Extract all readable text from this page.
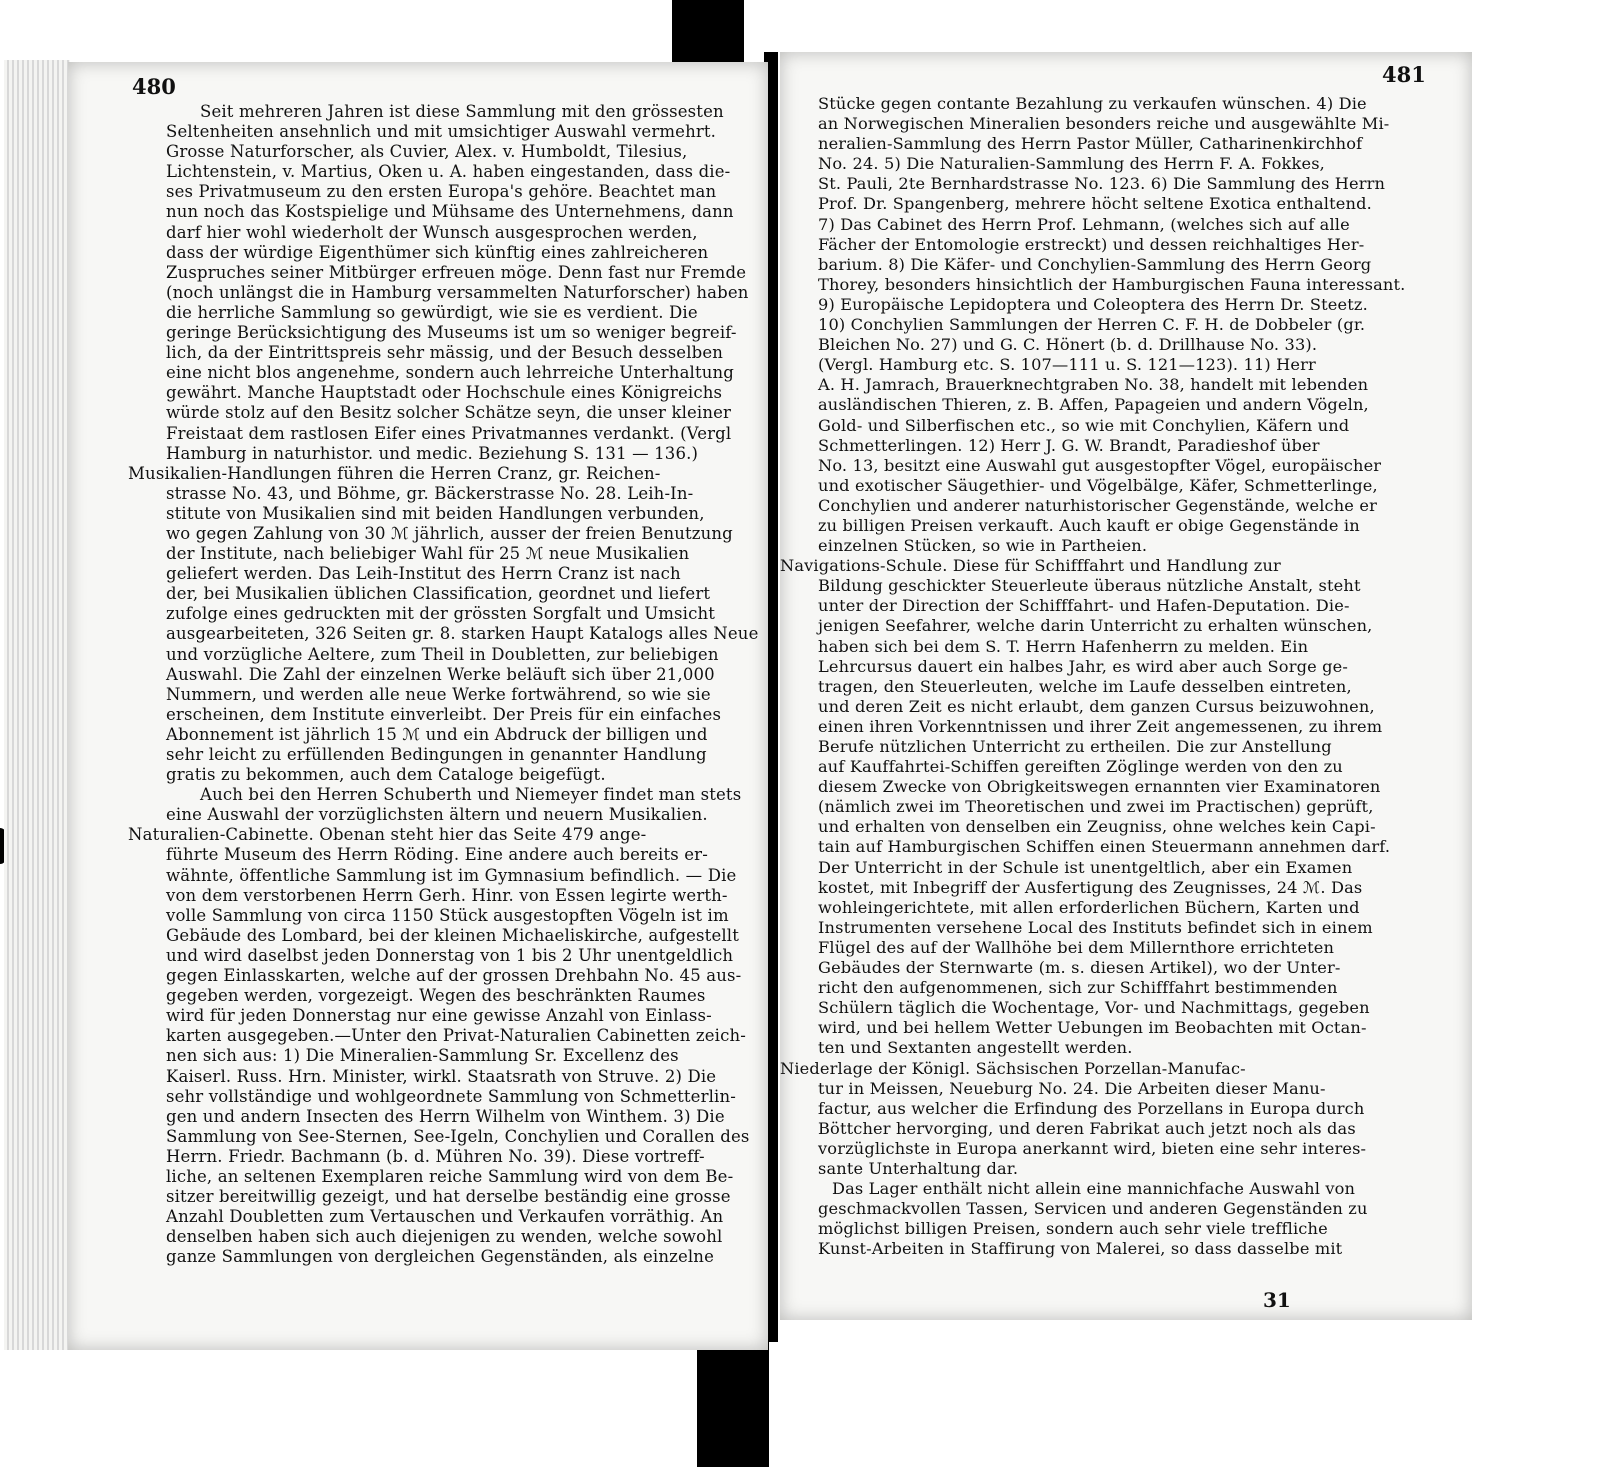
480
Seit mehreren Jahren ist diese Sammlung mit den grössesten
Seltenheiten ansehnlich und mit umsichtiger Auswahl vermehrt.
Grosse Naturforscher, als Cuvier, Alex. v. Humboldt, Tilesius,
Lichtenstein, v. Martius, Oken u. A. haben eingestanden, dass die-
ses Privatmuseum zu den ersten Europa's gehöre. Beachtet man
nun noch das Kostspielige und Mühsame des Unternehmens, dann
darf hier wohl wiederholt der Wunsch ausgesprochen werden,
dass der würdige Eigenthümer sich künftig eines zahlreicheren
Zuspruches seiner Mitbürger erfreuen möge. Denn fast nur Fremde
(noch unlängst die in Hamburg versammelten Naturforscher) haben
die herrliche Sammlung so gewürdigt, wie sie es verdient. Die
geringe Berücksichtigung des Museums ist um so weniger begreif-
lich, da der Eintrittspreis sehr mässig, und der Besuch desselben
eine nicht blos angenehme, sondern auch lehrreiche Unterhaltung
gewährt. Manche Hauptstadt oder Hochschule eines Königreichs
würde stolz auf den Besitz solcher Schätze seyn, die unser kleiner
Freistaat dem rastlosen Eifer eines Privatmannes verdankt. (Vergl
Hamburg in naturhistor. und medic. Beziehung S. 131 — 136.)
Musikalien-Handlungen führen die Herren Cranz, gr. Reichen-
strasse No. 43, und Böhme, gr. Bäckerstrasse No. 28. Leih-In-
stitute von Musikalien sind mit beiden Handlungen verbunden,
wo gegen Zahlung von 30 ℳ jährlich, ausser der freien Benutzung
der Institute, nach beliebiger Wahl für 25 ℳ neue Musikalien
geliefert werden. Das Leih-Institut des Herrn Cranz ist nach
der, bei Musikalien üblichen Classification, geordnet und liefert
zufolge eines gedruckten mit der grössten Sorgfalt und Umsicht
ausgearbeiteten, 326 Seiten gr. 8. starken Haupt Katalogs alles Neue
und vorzügliche Aeltere, zum Theil in Doubletten, zur beliebigen
Auswahl. Die Zahl der einzelnen Werke beläuft sich über 21,000
Nummern, und werden alle neue Werke fortwährend, so wie sie
erscheinen, dem Institute einverleibt. Der Preis für ein einfaches
Abonnement ist jährlich 15 ℳ und ein Abdruck der billigen und
sehr leicht zu erfüllenden Bedingungen in genannter Handlung
gratis zu bekommen, auch dem Cataloge beigefügt.
Auch bei den Herren Schuberth und Niemeyer findet man stets
eine Auswahl der vorzüglichsten ältern und neuern Musikalien.
Naturalien-Cabinette. Obenan steht hier das Seite 479 ange-
führte Museum des Herrn Röding. Eine andere auch bereits er-
wähnte, öffentliche Sammlung ist im Gymnasium befindlich. — Die
von dem verstorbenen Herrn Gerh. Hinr. von Essen legirte werth-
volle Sammlung von circa 1150 Stück ausgestopften Vögeln ist im
Gebäude des Lombard, bei der kleinen Michaeliskirche, aufgestellt
und wird daselbst jeden Donnerstag von 1 bis 2 Uhr unentgeldlich
gegen Einlasskarten, welche auf der grossen Drehbahn No. 45 aus-
gegeben werden, vorgezeigt. Wegen des beschränkten Raumes
wird für jeden Donnerstag nur eine gewisse Anzahl von Einlass-
karten ausgegeben.—Unter den Privat-Naturalien Cabinetten zeich-
nen sich aus: 1) Die Mineralien-Sammlung Sr. Excellenz des
Kaiserl. Russ. Hrn. Minister, wirkl. Staatsrath von Struve. 2) Die
sehr vollständige und wohlgeordnete Sammlung von Schmetterlin-
gen und andern Insecten des Herrn Wilhelm von Winthem. 3) Die
Sammlung von See-Sternen, See-Igeln, Conchylien und Corallen des
Herrn. Friedr. Bachmann (b. d. Mühren No. 39). Diese vortreff-
liche, an seltenen Exemplaren reiche Sammlung wird von dem Be-
sitzer bereitwillig gezeigt, und hat derselbe beständig eine grosse
Anzahl Doubletten zum Vertauschen und Verkaufen vorräthig. An
denselben haben sich auch diejenigen zu wenden, welche sowohl
ganze Sammlungen von dergleichen Gegenständen, als einzelne
481
Stücke gegen contante Bezahlung zu verkaufen wünschen. 4) Die
an Norwegischen Mineralien besonders reiche und ausgewählte Mi-
neralien-Sammlung des Herrn Pastor Müller, Catharinenkirchhof
No. 24. 5) Die Naturalien-Sammlung des Herrn F. A. Fokkes,
St. Pauli, 2te Bernhardstrasse No. 123. 6) Die Sammlung des Herrn
Prof. Dr. Spangenberg, mehrere höcht seltene Exotica enthaltend.
7) Das Cabinet des Herrn Prof. Lehmann, (welches sich auf alle
Fächer der Entomologie erstreckt) und dessen reichhaltiges Her-
barium. 8) Die Käfer- und Conchylien-Sammlung des Herrn Georg
Thorey, besonders hinsichtlich der Hamburgischen Fauna interessant.
9) Europäische Lepidoptera und Coleoptera des Herrn Dr. Steetz.
10) Conchylien Sammlungen der Herren C. F. H. de Dobbeler (gr.
Bleichen No. 27) und G. C. Hönert (b. d. Drillhause No. 33).
(Vergl. Hamburg etc. S. 107—111 u. S. 121—123). 11) Herr
A. H. Jamrach, Brauerknechtgraben No. 38, handelt mit lebenden
ausländischen Thieren, z. B. Affen, Papageien und andern Vögeln,
Gold- und Silberfischen etc., so wie mit Conchylien, Käfern und
Schmetterlingen. 12) Herr J. G. W. Brandt, Paradieshof über
No. 13, besitzt eine Auswahl gut ausgestopfter Vögel, europäischer
und exotischer Säugethier- und Vögelbälge, Käfer, Schmetterlinge,
Conchylien und anderer naturhistorischer Gegenstände, welche er
zu billigen Preisen verkauft. Auch kauft er obige Gegenstände in
einzelnen Stücken, so wie in Partheien.
Navigations-Schule. Diese für Schifffahrt und Handlung zur
Bildung geschickter Steuerleute überaus nützliche Anstalt, steht
unter der Direction der Schifffahrt- und Hafen-Deputation. Die-
jenigen Seefahrer, welche darin Unterricht zu erhalten wünschen,
haben sich bei dem S. T. Herrn Hafenherrn zu melden. Ein
Lehrcursus dauert ein halbes Jahr, es wird aber auch Sorge ge-
tragen, den Steuerleuten, welche im Laufe desselben eintreten,
und deren Zeit es nicht erlaubt, dem ganzen Cursus beizuwohnen,
einen ihren Vorkenntnissen und ihrer Zeit angemessenen, zu ihrem
Berufe nützlichen Unterricht zu ertheilen. Die zur Anstellung
auf Kauffahrtei-Schiffen gereiften Zöglinge werden von den zu
diesem Zwecke von Obrigkeitswegen ernannten vier Examinatoren
(nämlich zwei im Theoretischen und zwei im Practischen) geprüft,
und erhalten von denselben ein Zeugniss, ohne welches kein Capi-
tain auf Hamburgischen Schiffen einen Steuermann annehmen darf.
Der Unterricht in der Schule ist unentgeltlich, aber ein Examen
kostet, mit Inbegriff der Ausfertigung des Zeugnisses, 24 ℳ. Das
wohleingerichtete, mit allen erforderlichen Büchern, Karten und
Instrumenten versehene Local des Instituts befindet sich in einem
Flügel des auf der Wallhöhe bei dem Millernthore errichteten
Gebäudes der Sternwarte (m. s. diesen Artikel), wo der Unter-
richt den aufgenommenen, sich zur Schifffahrt bestimmenden
Schülern täglich die Wochentage, Vor- und Nachmittags, gegeben
wird, und bei hellem Wetter Uebungen im Beobachten mit Octan-
ten und Sextanten angestellt werden.
Niederlage der Königl. Sächsischen Porzellan-Manufac-
tur in Meissen, Neueburg No. 24. Die Arbeiten dieser Manu-
factur, aus welcher die Erfindung des Porzellans in Europa durch
Böttcher hervorging, und deren Fabrikat auch jetzt noch als das
vorzüglichste in Europa anerkannt wird, bieten eine sehr interes-
sante Unterhaltung dar.
Das Lager enthält nicht allein eine mannichfache Auswahl von
geschmackvollen Tassen, Servicen und anderen Gegenständen zu
möglichst billigen Preisen, sondern auch sehr viele treffliche
Kunst-Arbeiten in Staffirung von Malerei, so dass dasselbe mit
31
